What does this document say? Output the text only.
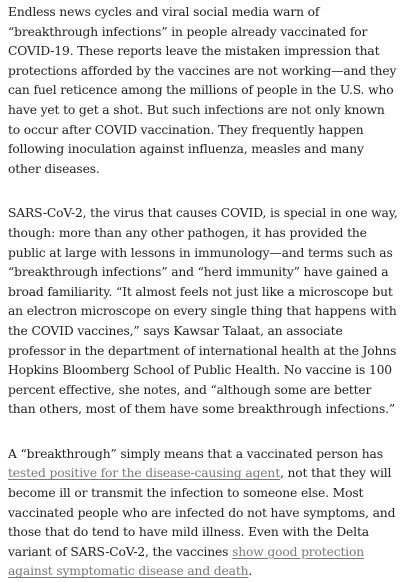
Endless news cycles and viral social media warn of “breakthrough infections” in people already vaccinated for COVID-19. These reports leave the mistaken impression that protections afforded by the vaccines are not working—and they can fuel reticence among the millions of people in the U.S. who have yet to get a shot. But such infections are not only known to occur after COVID vaccination. They frequently happen following inoculation against influenza, measles and many other diseases.

SARS-CoV-2, the virus that causes COVID, is special in one way, though: more than any other pathogen, it has provided the public at large with lessons in immunology—and terms such as “breakthrough infections” and “herd immunity” have gained a broad familiarity. “It almost feels not just like a microscope but an electron microscope on every single thing that happens with the COVID vaccines,” says Kawsar Talaat, an associate professor in the department of international health at the Johns Hopkins Bloomberg School of Public Health. No vaccine is 100 percent effective, she notes, and “although some are better than others, most of them have some breakthrough infections.”

A “breakthrough” simply means that a vaccinated person has tested positive for the disease-causing agent, not that they will become ill or transmit the infection to someone else. Most vaccinated people who are infected do not have symptoms, and those that do tend to have mild illness. Even with the Delta variant of SARS-CoV-2, the vaccines show good protection against symptomatic disease and death.
